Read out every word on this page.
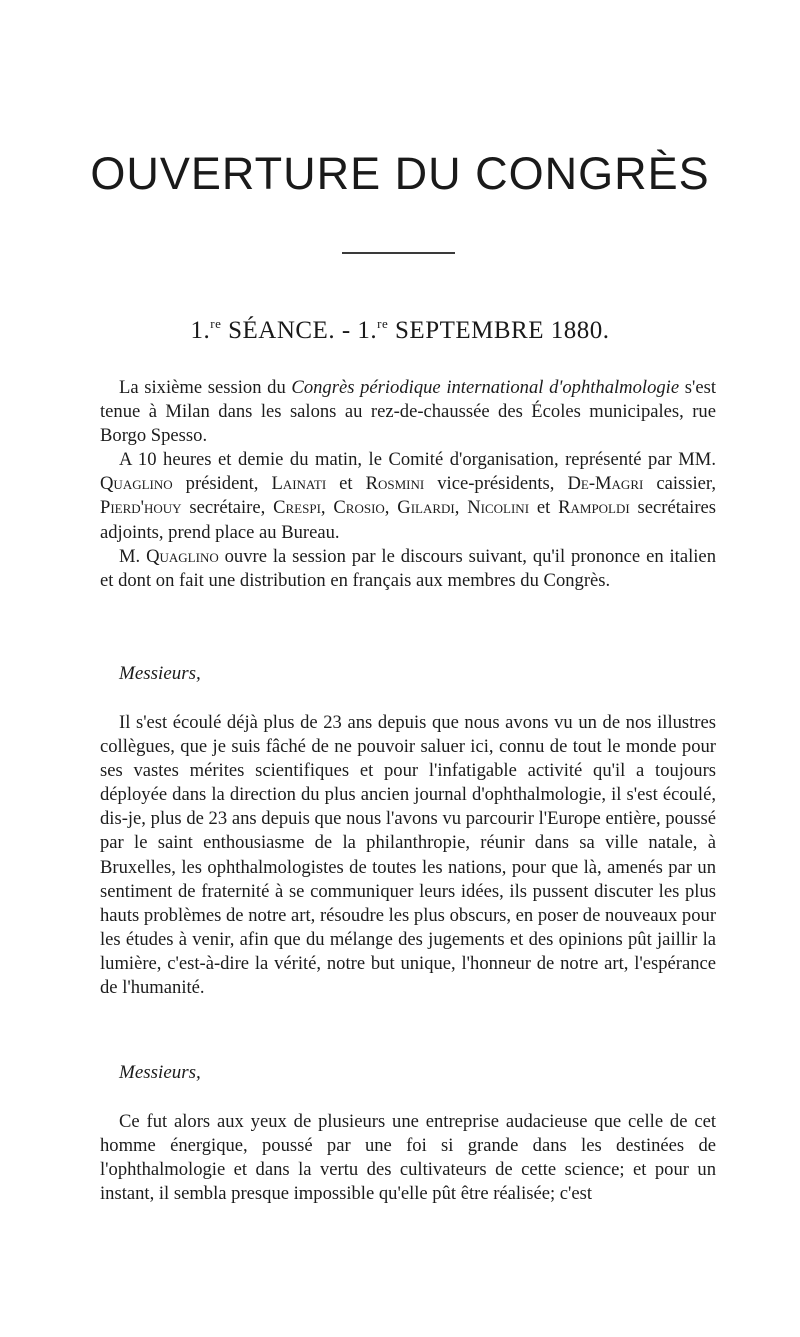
OUVERTURE DU CONGRÈS
1.$^{re}$ SÉANCE. - 1.$^{re}$ SEPTEMBRE 1880.

La sixième session du Congrès périodique international d'ophthalmologie s'est tenue à Milan dans les salons au rez-de-chaussée des Écoles municipales, rue Borgo Spesso.

A 10 heures et demie du matin, le Comité d'organisation, représenté par MM. Quaglino président, Lainati et Rosmini vice-présidents, De-Magri caissier, Pierd'houy secrétaire, Crespi, Crosio, Gilardi, Nicolini et Rampoldi secrétaires adjoints, prend place au Bureau.

M. Quaglino ouvre la session par le discours suivant, qu'il prononce en italien et dont on fait une distribution en français aux membres du Congrès.

Messieurs,

Il s'est écoulé déjà plus de 23 ans depuis que nous avons vu un de nos illustres collègues, que je suis fâché de ne pouvoir saluer ici, connu de tout le monde pour ses vastes mérites scientifiques et pour l'infatigable activité qu'il a toujours déployée dans la direction du plus ancien journal d'ophthalmologie, il s'est écoulé, dis-je, plus de 23 ans depuis que nous l'avons vu parcourir l'Europe entière, poussé par le saint enthousiasme de la philanthropie, réunir dans sa ville natale, à Bruxelles, les ophthalmologistes de toutes les nations, pour que là, amenés par un sentiment de fraternité à se communiquer leurs idées, ils pussent discuter les plus hauts problèmes de notre art, résoudre les plus obscurs, en poser de nouveaux pour les études à venir, afin que du mélange des jugements et des opinions pût jaillir la lumière, c'est-à-dire la vérité, notre but unique, l'honneur de notre art, l'espérance de l'humanité.

Messieurs,

Ce fut alors aux yeux de plusieurs une entreprise audacieuse que celle de cet homme énergique, poussé par une foi si grande dans les destinées de l'ophthalmologie et dans la vertu des cultivateurs de cette science; et pour un instant, il sembla presque impossible qu'elle pût être réalisée; c'est
